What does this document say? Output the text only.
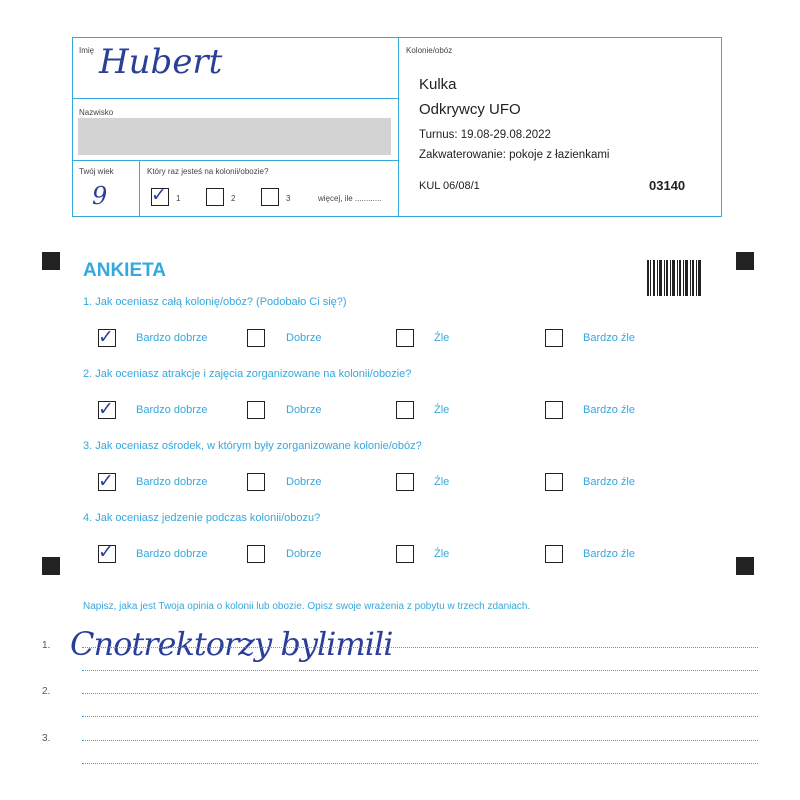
Imię Hubert
Nazwisko
Twój wiek
9
Który raz jesteś na kolonii/obozie?
✓ 1	2	3	więcej, ile ............
Kolonie/obóz
Kulka
Odkrywcy UFO
Turnus: 19.08-29.08.2022
Zakwaterowanie: pokoje z łazienkami
KUL 06/08/1	03140
ANKIETA
1. Jak oceniasz całą kolonię/obóz? (Podobało Ci się?)
✓ Bardzo dobrze	Dobrze	Źle	Bardzo źle
2. Jak oceniasz atrakcje i zajęcia zorganizowane na kolonii/obozie?
✓ Bardzo dobrze	Dobrze	Źle	Bardzo źle
3. Jak oceniasz ośrodek, w którym były zorganizowane kolonie/obóz?
✓ Bardzo dobrze	Dobrze	Źle	Bardzo źle
4. Jak oceniasz jedzenie podczas kolonii/obozu?
✓ Bardzo dobrze	Dobrze	Źle	Bardzo źle
Napisz, jaka jest Twoja opinia o kolonii lub obozie. Opisz swoje wrażenia z pobytu w trzech zdaniach.
1. Cnotrektorzy bylimili
2.
3.
